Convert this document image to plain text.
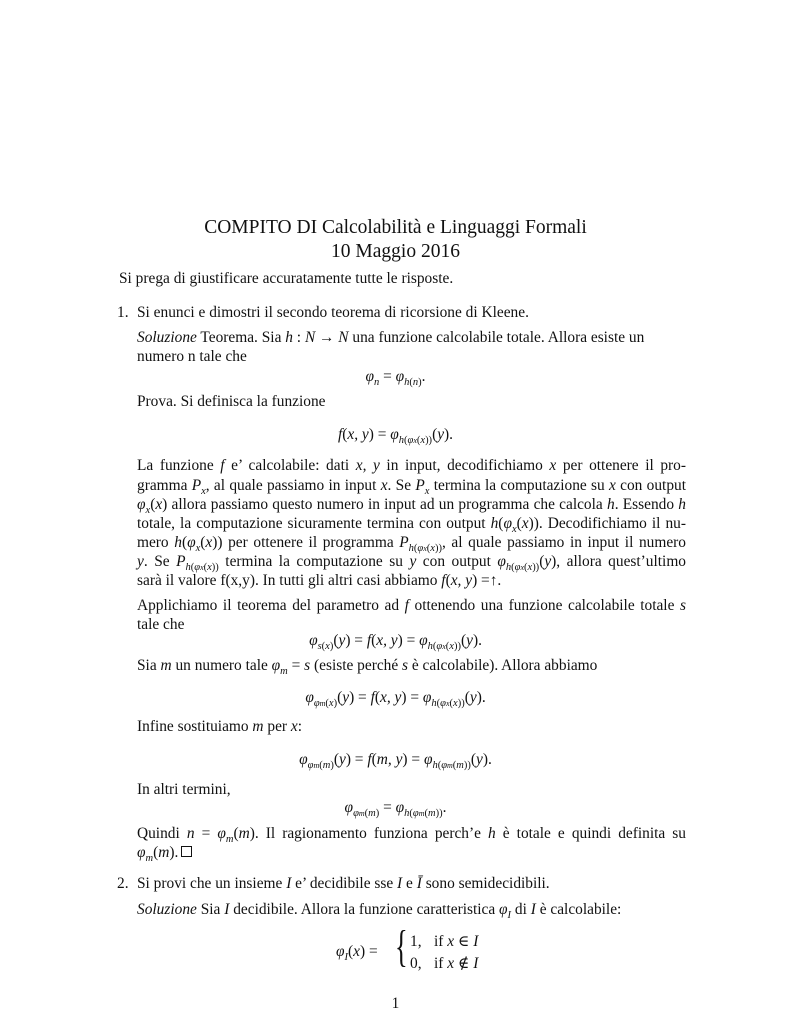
COMPITO DI Calcolabilità e Linguaggi Formali
10 Maggio 2016
Si prega di giustificare accuratamente tutte le risposte.
1. Si enunci e dimostri il secondo teorema di ricorsione di Kleene.
Soluzione Teorema. Sia h : N → N una funzione calcolabile totale. Allora esiste un
numero n tale che
$\varphi_n = \varphi_{h(n)}$.
Prova. Si definisca la funzione
f(x, $y) = \varphi_{h(\varphi x(x))}(y)$.
La funzione f e’ calcolabile: dati x, y in input, decodifichiamo x per ottenere il pro-
gramma $P_x$, al quale passiamo in input x. Se $P_x$ termina la computazione su x con output
$\varphi_x(x)$ allora passiamo questo numero in input ad un programma che calcola h. Essendo h
totale, la computazione sicuramente termina con output $h(\varphi_x(x))$. Decodifichiamo il nu-
mero $h(\varphi_x(x))$ per ottenere il programma $P_{h(\varphi x(x))}$, al quale passiamo in input il numero
y. Se $P_{h(\varphi x(x))}$ termina la computazione su y con output $\varphi_{h(\varphi x(x))}(y)$, allora quest’ultimo
sarà il valore f(x,y). In tutti gli altri casi abbiamo f(x, y) =↑.
Applichiamo il teorema del parametro ad f ottenendo una funzione calcolabile totale s
tale che
$\varphi_{s(x)}(y) = f(x$, $y) = \varphi_{h(\varphi x(x))}(y)$.
Sia m un numero tale $\varphi_m = s$ (esiste perché s è calcolabile). Allora abbiamo
$\varphi_{\varphi m(x)}(y) = f(x$, $y) = \varphi_{h(\varphi x(x))}(y)$.
Infine sostituiamo m per x:
$\varphi_{\varphi m(m)}(y) = f(m$, $y) = \varphi_{h(\varphi m(m))}(y)$.
In altri termini,
$\varphi_{\varphi m(m)} = \varphi_{h(\varphi m(m))}$.
Quindi $n = \varphi_m(m)$. Il ragionamento funziona perch’e h è totale e quindi definita su
$\varphi_m(m)$.
2. Si provi che un insieme I e’ decidibile sse I e Ī sono semidecidibili.
Soluzione Sia I decidibile. Allora la funzione caratteristica $\varphi_I$ di I è calcolabile:
$\varphi_I(x)$ = { 1, if x ∈ I
0, if x ∉ I
1
